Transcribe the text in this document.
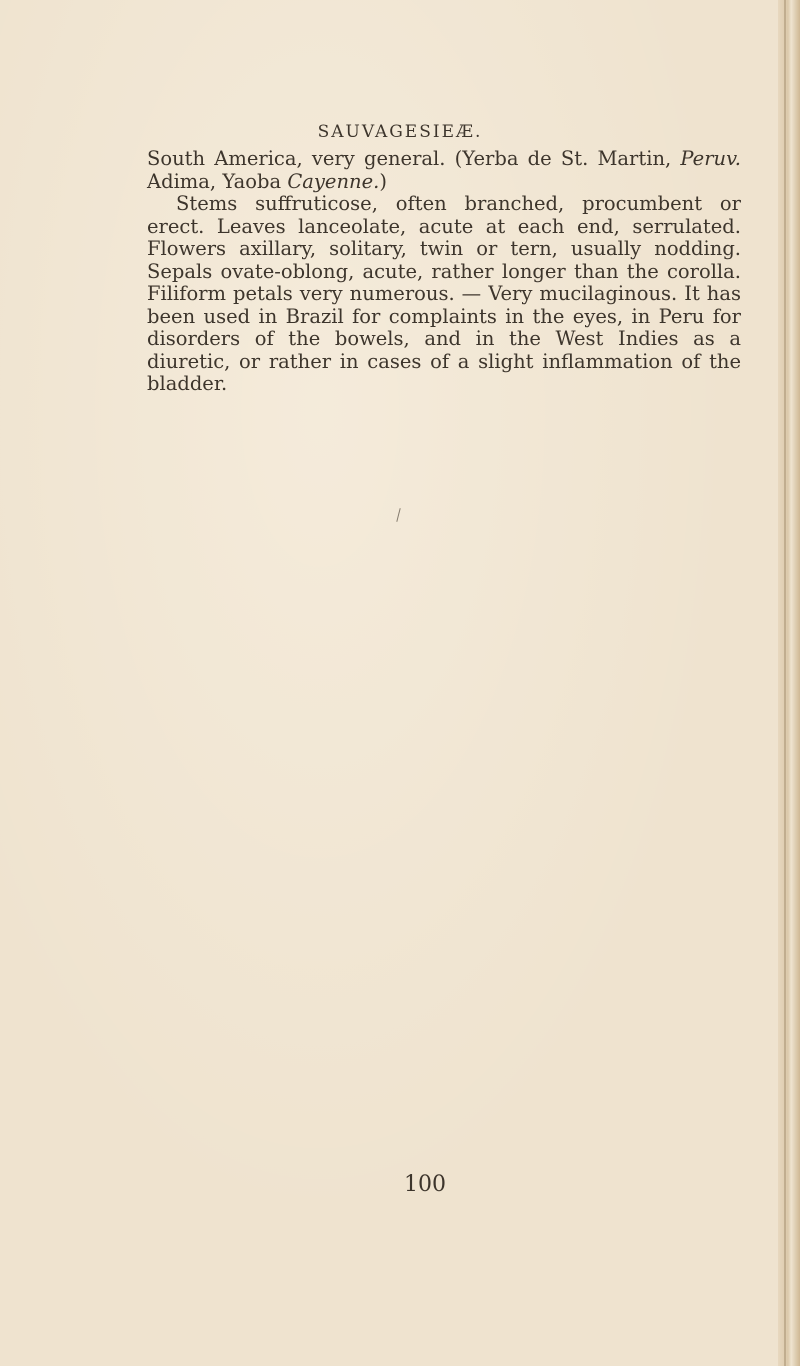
SAUVAGESIEÆ.

South America, very general. (Yerba de St. Martin, Peruv. Adima, Yaoba Cayenne.)

Stems suffruticose, often branched, procumbent or erect. Leaves lanceolate, acute at each end, serrulated. Flowers axillary, solitary, twin or tern, usually nodding. Sepals ovate-oblong, acute, rather longer than the corolla. Filiform petals very numerous. — Very mucilaginous. It has been used in Brazil for complaints in the eyes, in Peru for disorders of the bowels, and in the West Indies as a diuretic, or rather in cases of a slight inflammation of the bladder.

100
